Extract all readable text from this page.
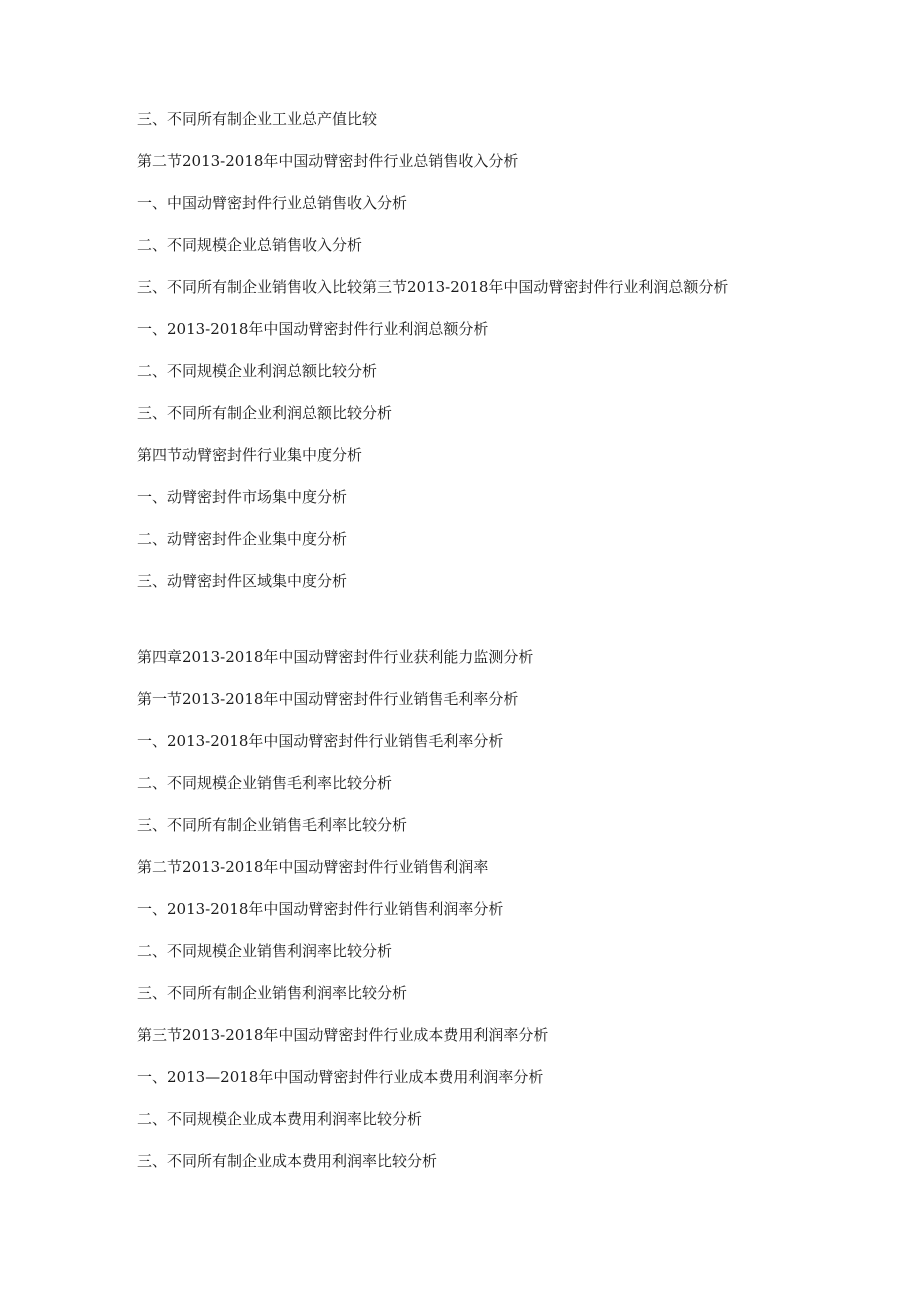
三、不同所有制企业工业总产值比较
第二节2013-2018年中国动臂密封件行业总销售收入分析
一、中国动臂密封件行业总销售收入分析
二、不同规模企业总销售收入分析
三、不同所有制企业销售收入比较第三节2013-2018年中国动臂密封件行业利润总额分析
一、2013-2018年中国动臂密封件行业利润总额分析
二、不同规模企业利润总额比较分析
三、不同所有制企业利润总额比较分析
第四节动臂密封件行业集中度分析
一、动臂密封件市场集中度分析
二、动臂密封件企业集中度分析
三、动臂密封件区域集中度分析
第四章2013-2018年中国动臂密封件行业获利能力监测分析
第一节2013-2018年中国动臂密封件行业销售毛利率分析
一、2013-2018年中国动臂密封件行业销售毛利率分析
二、不同规模企业销售毛利率比较分析
三、不同所有制企业销售毛利率比较分析
第二节2013-2018年中国动臂密封件行业销售利润率
一、2013-2018年中国动臂密封件行业销售利润率分析
二、不同规模企业销售利润率比较分析
三、不同所有制企业销售利润率比较分析
第三节2013-2018年中国动臂密封件行业成本费用利润率分析
一、2013—2018年中国动臂密封件行业成本费用利润率分析
二、不同规模企业成本费用利润率比较分析
三、不同所有制企业成本费用利润率比较分析
